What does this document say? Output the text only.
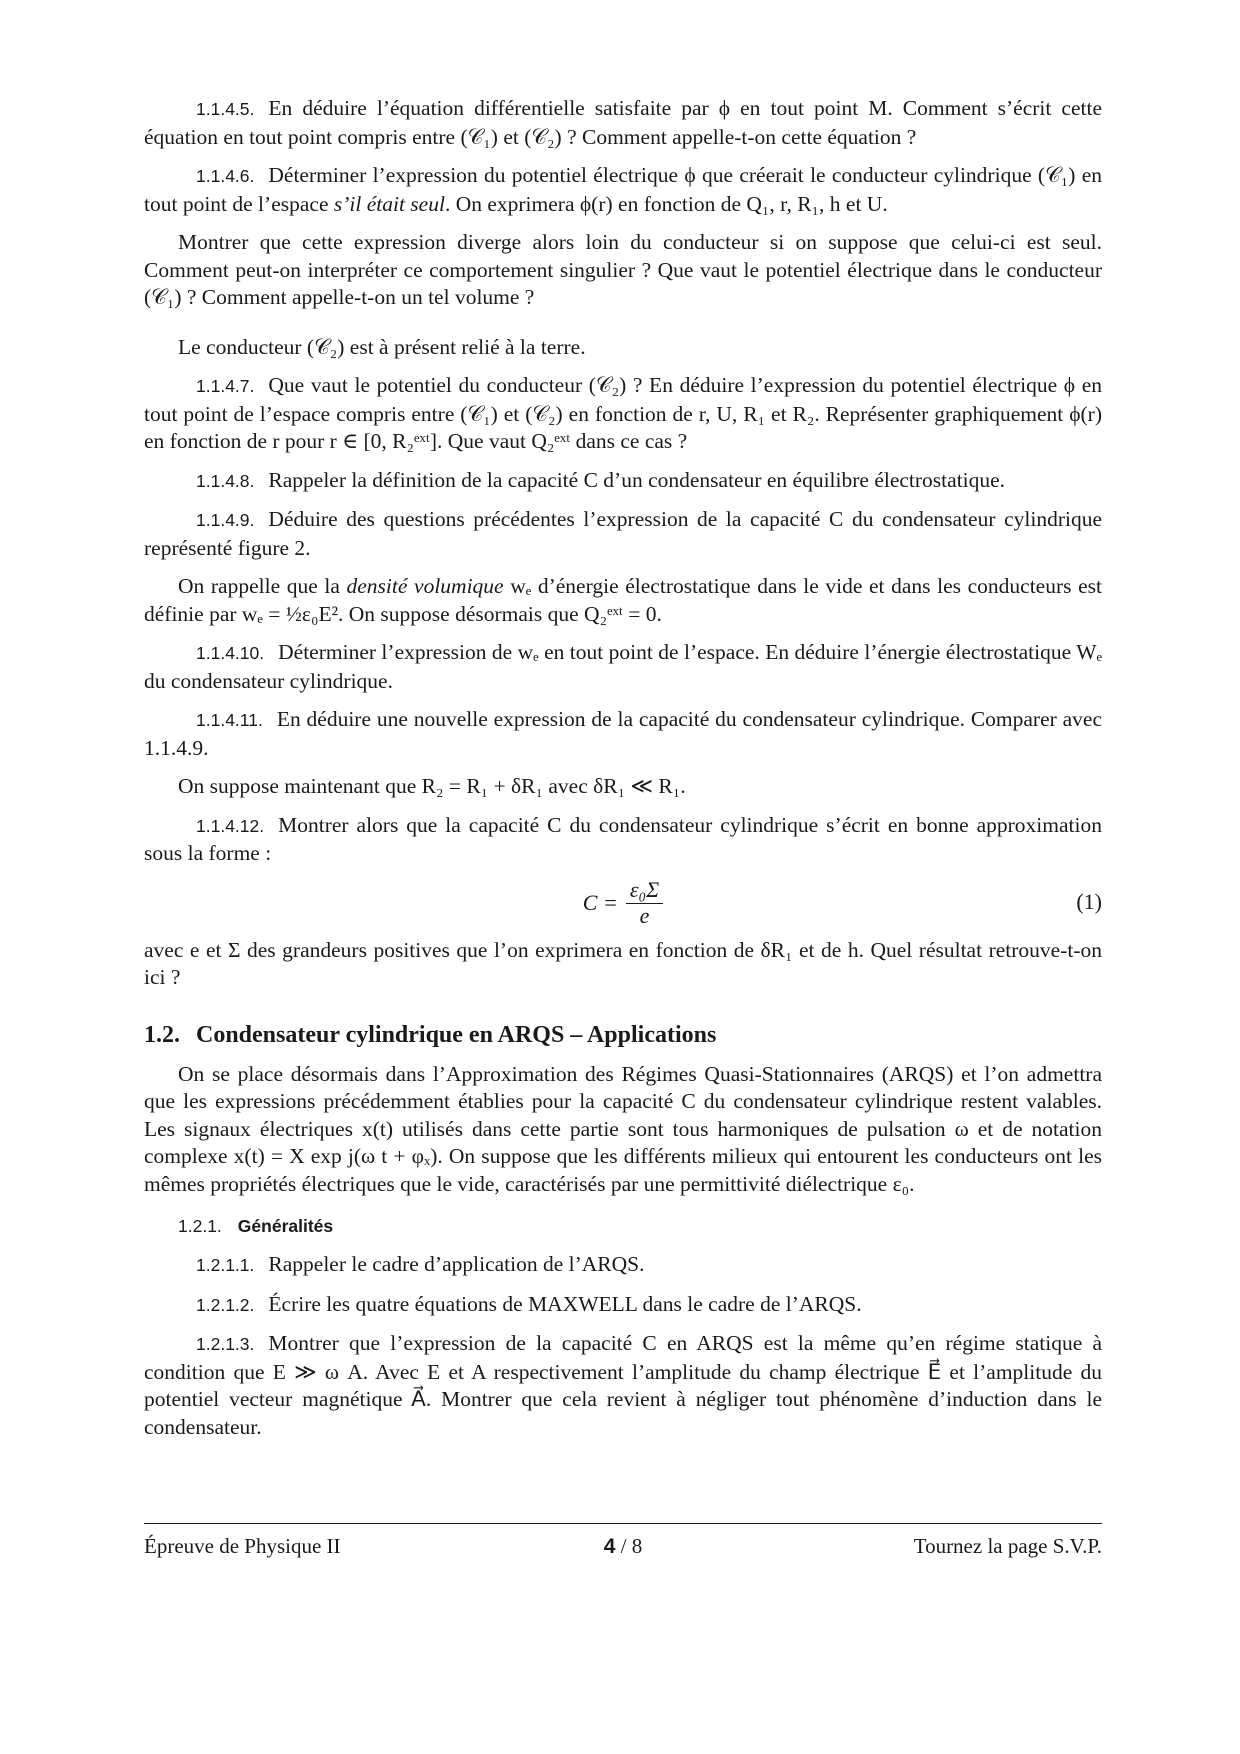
1.1.4.5. En déduire l’équation différentielle satisfaite par ϕ en tout point M. Comment s’écrit cette équation en tout point compris entre (𝒞₁) et (𝒞₂) ? Comment appelle-t-on cette équation ?

1.1.4.6. Déterminer l’expression du potentiel électrique ϕ que créerait le conducteur cylindrique (𝒞₁) en tout point de l’espace s’il était seul. On exprimera ϕ(r) en fonction de Q₁, r, R₁, h et U.

Montrer que cette expression diverge alors loin du conducteur si on suppose que celui-ci est seul. Comment peut-on interpréter ce comportement singulier ? Que vaut le potentiel électrique dans le conducteur (𝒞₁) ? Comment appelle-t-on un tel volume ?

Le conducteur (𝒞₂) est à présent relié à la terre.

1.1.4.7. Que vaut le potentiel du conducteur (𝒞₂) ? En déduire l’expression du potentiel électrique ϕ en tout point de l’espace compris entre (𝒞₁) et (𝒞₂) en fonction de r, U, R₁ et R₂. Représenter graphiquement ϕ(r) en fonction de r pour r ∈ [0, R₂ᵉˣᵗ]. Que vaut Q₂ᵉˣᵗ dans ce cas ?

1.1.4.8. Rappeler la définition de la capacité C d’un condensateur en équilibre électrostatique.

1.1.4.9. Déduire des questions précédentes l’expression de la capacité C du condensateur cylindrique représenté figure 2.

On rappelle que la densité volumique wₑ d’énergie électrostatique dans le vide et dans les conducteurs est définie par wₑ = ½ε₀E². On suppose désormais que Q₂ᵉˣᵗ = 0.

1.1.4.10. Déterminer l’expression de wₑ en tout point de l’espace. En déduire l’énergie électrostatique Wₑ du condensateur cylindrique.

1.1.4.11. En déduire une nouvelle expression de la capacité du condensateur cylindrique. Comparer avec 1.1.4.9.

On suppose maintenant que R₂ = R₁ + δR₁ avec δR₁ ≪ R₁.

1.1.4.12. Montrer alors que la capacité C du condensateur cylindrique s’écrit en bonne approximation sous la forme :

$C = \frac{\text{ε₀Σ}}{e}$	(1)

avec e et Σ des grandeurs positives que l’on exprimera en fonction de δR₁ et de h. Quel résultat retrouve-t-on ici ?

1.2. Condensateur cylindrique en ARQS – Applications

On se place désormais dans l’Approximation des Régimes Quasi-Stationnaires (ARQS) et l’on admettra que les expressions précédemment établies pour la capacité C du condensateur cylindrique restent valables. Les signaux électriques x(t) utilisés dans cette partie sont tous harmoniques de pulsation ω et de notation complexe x(t) = X exp j(ω t + φₓ). On suppose que les différents milieux qui entourent les conducteurs ont les mêmes propriétés électriques que le vide, caractérisés par une permittivité diélectrique ε₀.

1.2.1. Généralités

1.2.1.1. Rappeler le cadre d’application de l’ARQS.

1.2.1.2. Écrire les quatre équations de MAXWELL dans le cadre de l’ARQS.

1.2.1.3. Montrer que l’expression de la capacité C en ARQS est la même qu’en régime statique à condition que E ≫ ω A. Avec E et A respectivement l’amplitude du champ électrique E⃗ et l’amplitude du potentiel vecteur magnétique A⃗. Montrer que cela revient à négliger tout phénomène d’induction dans le condensateur.

Épreuve de Physique II	4 / 8	Tournez la page S.V.P.
